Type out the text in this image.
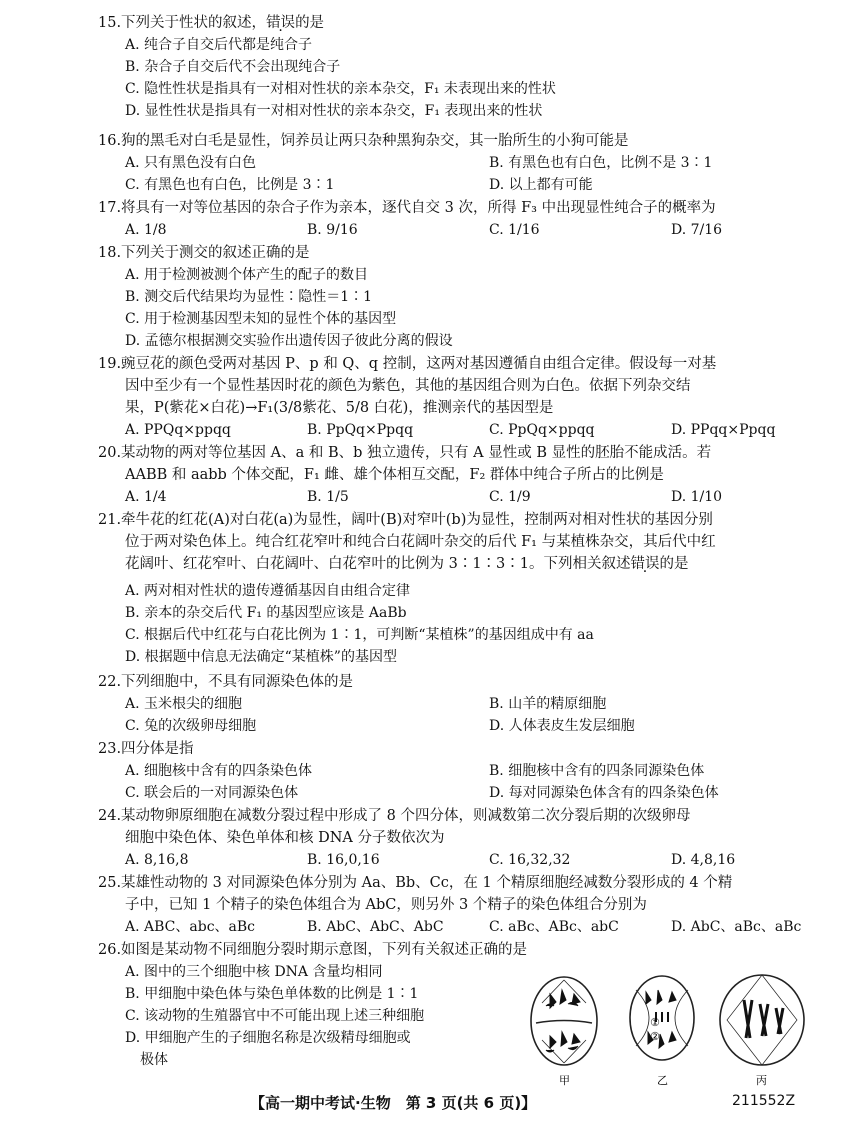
15.下列关于性状的叙述，错误的是

A. 纯合子自交后代都是纯合子

B. 杂合子自交后代不会出现纯合子

C. 隐性性状是指具有一对相对性状的亲本杂交，F₁ 未表现出来的性状

D. 显性性状是指具有一对相对性状的亲本杂交，F₁ 表现出来的性状

16.狗的黑毛对白毛是显性，饲养员让两只杂种黑狗杂交，其一胎所生的小狗可能是

A. 只有黑色没有白色	B. 有黑色也有白色，比例不是 3∶1
C. 有黑色也有白色，比例是 3∶1	D. 以上都有可能

17.将具有一对等位基因的杂合子作为亲本，逐代自交 3 次，所得 F₃ 中出现显性纯合子的概率为

A. 1/8	B. 9/16	C. 1/16	D. 7/16

18.下列关于测交的叙述正确的是

A. 用于检测被测个体产生的配子的数目

B. 测交后代结果均为显性∶隐性＝1∶1

C. 用于检测基因型未知的显性个体的基因型

D. 孟德尔根据测交实验作出遗传因子彼此分离的假设

19.豌豆花的颜色受两对基因 P、p 和 Q、q 控制，这两对基因遵循自由组合定律。假设每一对基

因中至少有一个显性基因时花的颜色为紫色，其他的基因组合则为白色。依据下列杂交结

果，P(紫花×白花)→F₁(3/8紫花、5/8 白花)，推测亲代的基因型是

A. PPQq×ppqq	B. PpQq×Ppqq	C. PpQq×ppqq	D. PPqq×Ppqq

20.某动物的两对等位基因 A、a 和 B、b 独立遗传，只有 A 显性或 B 显性的胚胎不能成活。若

AABB 和 aabb 个体交配，F₁ 雌、雄个体相互交配，F₂ 群体中纯合子所占的比例是

A. 1/4	B. 1/5	C. 1/9	D. 1/10

21.牵牛花的红花(A)对白花(a)为显性，阔叶(B)对窄叶(b)为显性，控制两对相对性状的基因分别

位于两对染色体上。纯合红花窄叶和纯合白花阔叶杂交的后代 F₁ 与某植株杂交，其后代中红

花阔叶、红花窄叶、白花阔叶、白花窄叶的比例为 3∶1∶3∶1。下列相关叙述错误的是

A. 两对相对性状的遗传遵循基因自由组合定律

B. 亲本的杂交后代 F₁ 的基因型应该是 AaBb

C. 根据后代中红花与白花比例为 1∶1，可判断“某植株”的基因组成中有 aa

D. 根据题中信息无法确定“某植株”的基因型

22.下列细胞中，不具有同源染色体的是

A. 玉米根尖的细胞	B. 山羊的精原细胞
C. 兔的次级卵母细胞	D. 人体表皮生发层细胞

23.四分体是指

A. 细胞核中含有的四条染色体	B. 细胞核中含有的四条同源染色体
C. 联会后的一对同源染色体	D. 每对同源染色体含有的四条染色体

24.某动物卵原细胞在减数分裂过程中形成了 8 个四分体，则减数第二次分裂后期的次级卵母

细胞中染色体、染色单体和核 DNA 分子数依次为

A. 8,16,8	B. 16,0,16	C. 16,32,32	D. 4,8,16

25.某雄性动物的 3 对同源染色体分别为 Aa、Bb、Cc，在 1 个精原细胞经减数分裂形成的 4 个精

子中，已知 1 个精子的染色体组合为 AbC，则另外 3 个精子的染色体组合分别为

A. ABC、abc、aBc	B. AbC、AbC、AbC	C. aBc、ABc、abC	D. AbC、aBc、aBc

26.如图是某动物不同细胞分裂时期示意图，下列有关叙述正确的是

A. 图中的三个细胞中核 DNA 含量均相同

B. 甲细胞中染色体与染色单体数的比例是 1∶1

C. 该动物的生殖器官中不可能出现上述三种细胞

D. 甲细胞产生的子细胞名称是次级精母细胞或

极体

①
②
甲	乙	丙
【高一期中考试·生物　第 3 页(共 6 页)】	211552Z
